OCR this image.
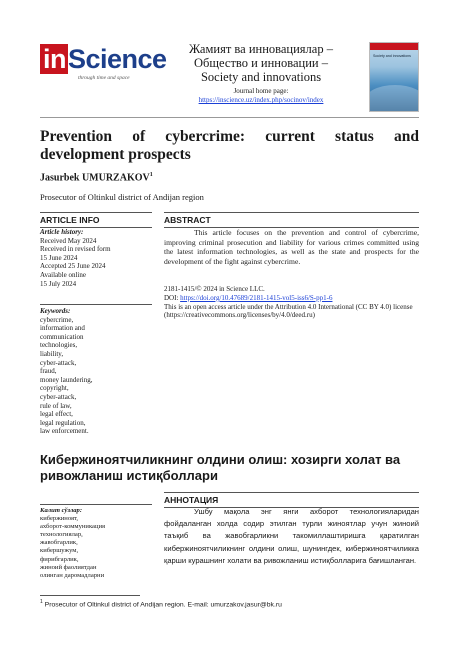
inScience
through time and space
Жамият ва инновациялар –
Общество и инновации –
Society and innovations
Journal home page:
https://inscience.uz/index.php/socinov/index
Society and innovations
Prevention of cybercrime: current status and development prospects
Jasurbek UMURZAKOV$^1$
Prosecutor of Oltinkul district of Andijan region
ARTICLE INFO	ABSTRACT
Article history:
Received May 2024
Received in revised form
15 June 2024
Accepted 25 June 2024
Available online
15 July 2024
Keywords:
cybercrime,
information and
communication
technologies,
liability,
cyber-attack,
fraud,
money laundering,
copyright,
cyber-attack,
rule of law,
legal effect,
legal regulation,
law enforcement.
This article focuses on the prevention and control of cybercrime, improving criminal prosecution and liability for various crimes committed using the latest information technologies, as well as the state and prospects for the development of the fight against cybercrime.
2181-1415/© 2024 in Science LLC.
DOI: https://doi.org/10.47689/2181-1415-vol5-iss6/S-pp1-6
This is an open access article under the Attribution 4.0 International (CC BY 4.0) license (https://creativecommons.org/licenses/by/4.0/deed.ru)
Кибержиноятчиликнинг олдини олиш: хозирги холат ва ривожланиш истиқболлари
АННОТАЦИЯ
Калит сўзлар:
кибержиноят,
ахборот-коммуникация
технологиялар,
жавобгарлик,
кибершужум,
фирибгарлик,
жиноий фаолиятдан
олинган даромадларни
Ушбу мақола энг янги ахборот технологияларидан фойдаланган холда содир этилган турли жиноятлар учун жиноий таъқиб ва жавобгарликни такомиллаштиришга қаратилган кибержиноятчиликнинг олдини олиш, шунингдек, кибержиноятчиликка қарши курашнинг холати ва ривожланиш истиқболларига бағишланган.
$^1$ Prosecutor of Oltinkul district of Andijan region. E-mail: umurzakov.jasur@bk.ru
